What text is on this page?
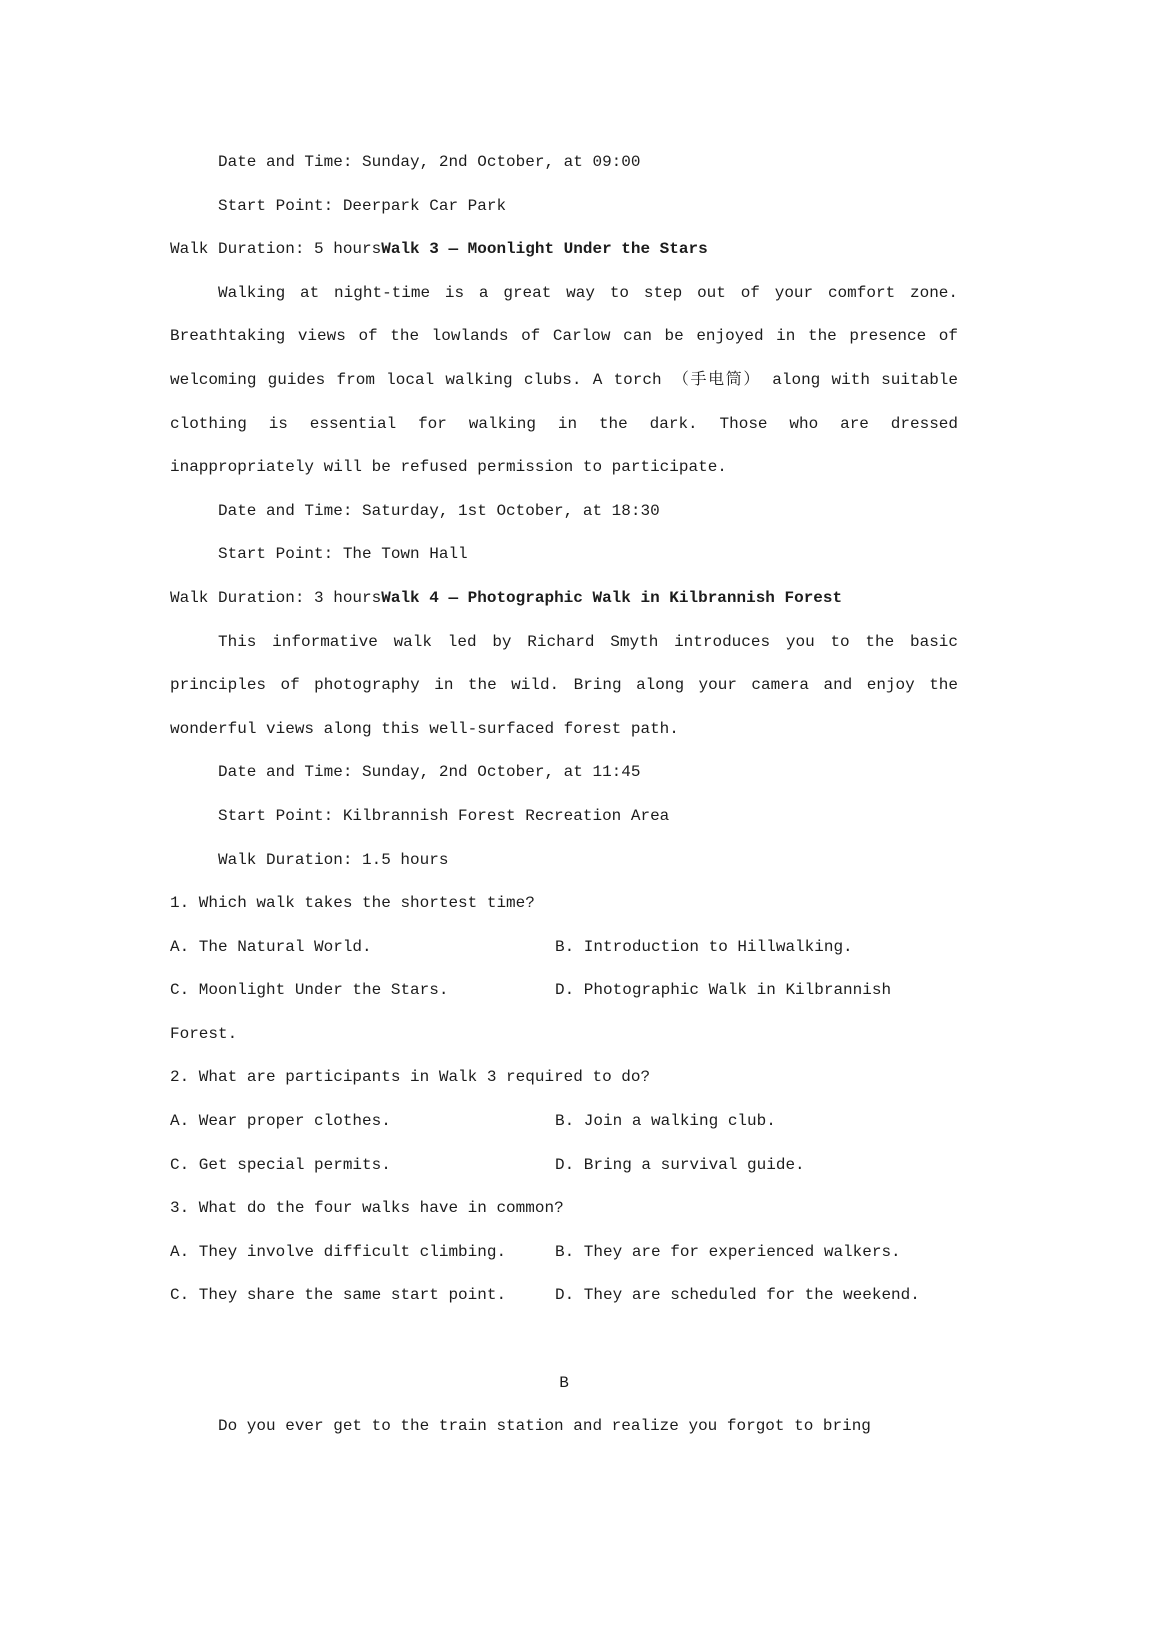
Date and Time: Sunday, 2nd October, at 09:00
Start Point: Deerpark Car Park
Walk Duration: 5 hoursWalk 3 — Moonlight Under the Stars
Walking at night-time is a great way to step out of your comfort zone. Breathtaking views of the lowlands of Carlow can be enjoyed in the presence of welcoming guides from local walking clubs. A torch （手电筒） along with suitable clothing is essential for walking in the dark. Those who are dressed inappropriately will be refused permission to participate.
Date and Time: Saturday, 1st October, at 18:30
Start Point: The Town Hall
Walk Duration: 3 hoursWalk 4 — Photographic Walk in Kilbrannish Forest
This informative walk led by Richard Smyth introduces you to the basic principles of photography in the wild. Bring along your camera and enjoy the wonderful views along this well-surfaced forest path.
Date and Time: Sunday, 2nd October, at 11:45
Start Point: Kilbrannish Forest Recreation Area
Walk Duration: 1.5 hours
1. Which walk takes the shortest time?
A. The Natural World.	B. Introduction to Hillwalking.
C. Moonlight Under the Stars.	D. Photographic Walk in Kilbrannish
Forest.
2. What are participants in Walk 3 required to do?
A. Wear proper clothes.	B. Join a walking club.
C. Get special permits.	D. Bring a survival guide.
3. What do the four walks have in common?
A. They involve difficult climbing.	B. They are for experienced walkers.
C. They share the same start point.	D. They are scheduled for the weekend.
B
Do you ever get to the train station and realize you forgot to bring
